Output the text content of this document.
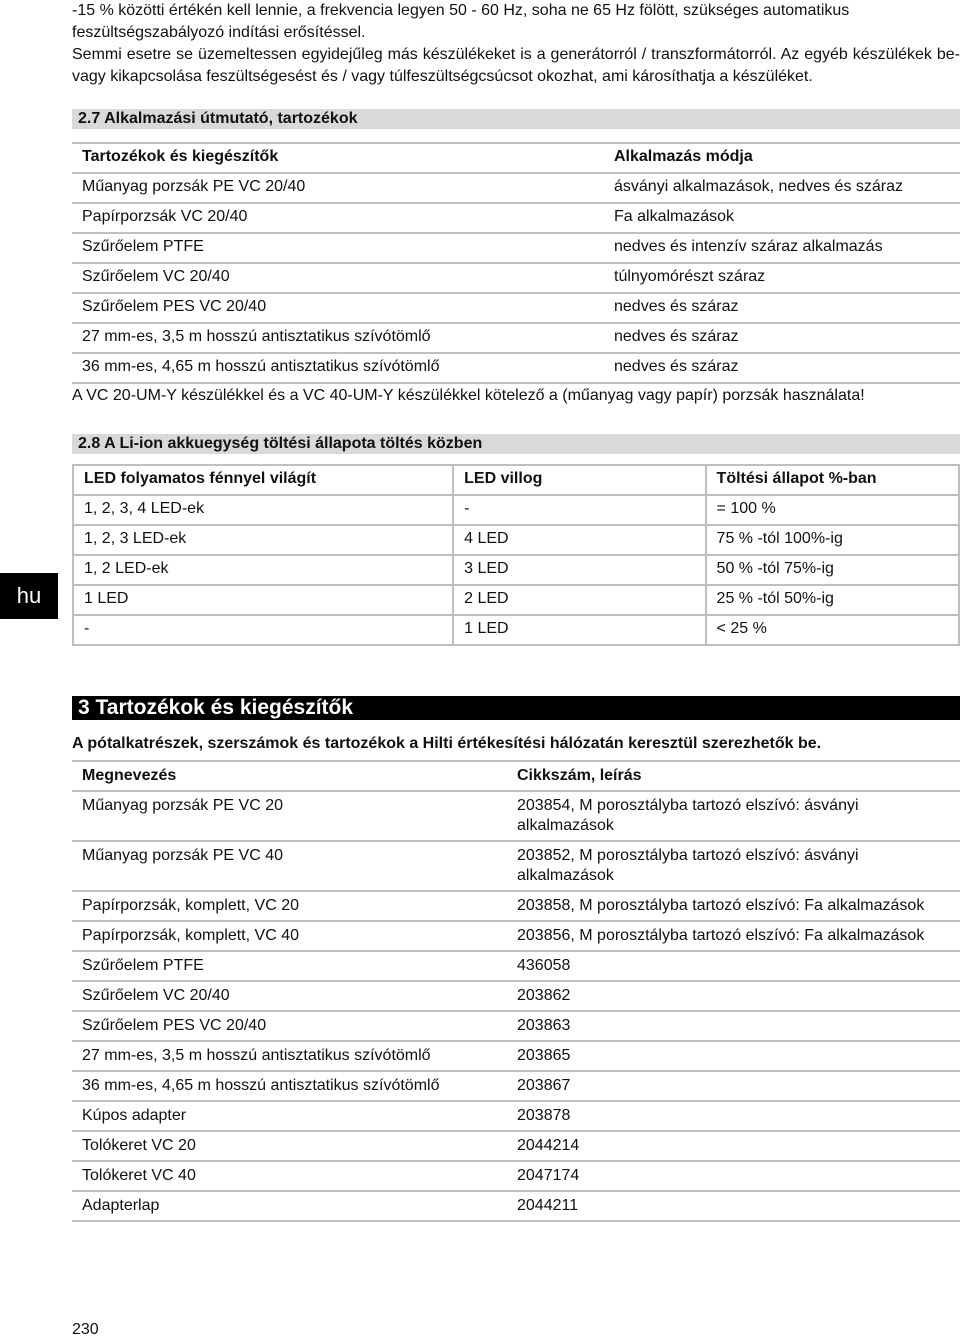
-15 % közötti értékén kell lennie, a frekvencia legyen 50 - 60 Hz, soha ne 65 Hz fölött, szükséges automatikus feszültségszabályozó indítási erősítéssel.

Semmi esetre se üzemeltessen egyidejűleg más készülékeket is a generátorról / transzformátorról. Az egyéb készülékek be- vagy kikapcsolása feszültségesést és / vagy túlfeszültségcsúcsot okozhat, ami károsíthatja a készüléket.

2.7 Alkalmazási útmutató, tartozékok
Tartozékok és kiegészítők	Alkalmazás módja
Műanyag porzsák PE VC 20/40	ásványi alkalmazások, nedves és száraz
Papírporzsák VC 20/40	Fa alkalmazások
Szűrőelem PTFE	nedves és intenzív száraz alkalmazás
Szűrőelem VC 20/40	túlnyomórészt száraz
Szűrőelem PES VC 20/40	nedves és száraz
27 mm-es, 3,5 m hosszú antisztatikus szívótömlő	nedves és száraz
36 mm-es, 4,65 m hosszú antisztatikus szívótömlő	nedves és száraz
A VC 20-UM-Y készülékkel és a VC 40-UM-Y készülékkel kötelező a (műanyag vagy papír) porzsák használata!
2.8 A Li-ion akkuegység töltési állapota töltés közben
LED folyamatos fénnyel világít	LED villog	Töltési állapot %-ban
1, 2, 3, 4 LED-ek	-	= 100 %
1, 2, 3 LED-ek	4 LED	75 % -tól 100%-ig
1, 2 LED-ek	3 LED	50 % -tól 75%-ig
1 LED	2 LED	25 % -tól 50%-ig
-	1 LED	< 25 %
hu
3 Tartozékok és kiegészítők
A pótalkatrészek, szerszámok és tartozékok a Hilti értékesítési hálózatán keresztül szerezhetők be.
Megnevezés	Cikkszám, leírás
Műanyag porzsák PE VC 20	203854, M porosztályba tartozó elszívó: ásványi alkalmazások
Műanyag porzsák PE VC 40	203852, M porosztályba tartozó elszívó: ásványi alkalmazások
Papírporzsák, komplett, VC 20	203858, M porosztályba tartozó elszívó: Fa alkalmazások
Papírporzsák, komplett, VC 40	203856, M porosztályba tartozó elszívó: Fa alkalmazások
Szűrőelem PTFE	436058
Szűrőelem VC 20/40	203862
Szűrőelem PES VC 20/40	203863
27 mm-es, 3,5 m hosszú antisztatikus szívótömlő	203865
36 mm-es, 4,65 m hosszú antisztatikus szívótömlő	203867
Kúpos adapter	203878
Tolókeret VC 20	2044214
Tolókeret VC 40	2047174
Adapterlap	2044211
230
